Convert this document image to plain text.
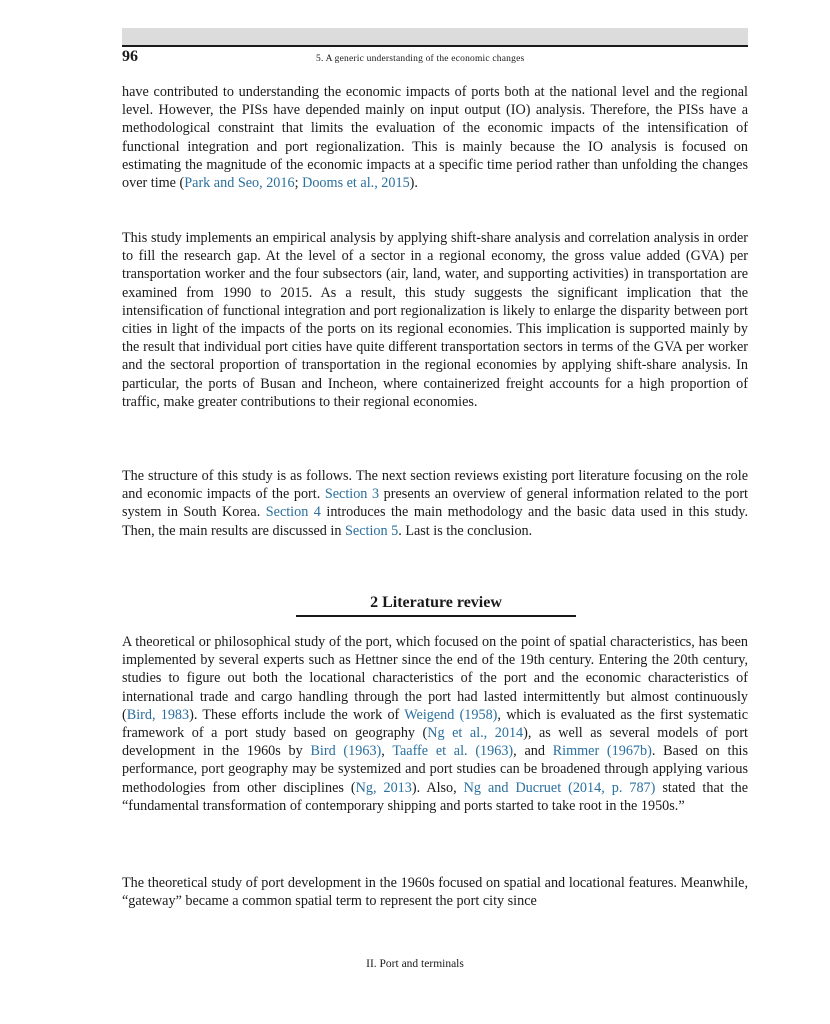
96	5. A generic understanding of the economic changes

have contributed to understanding the economic impacts of ports both at the national level and the regional level. However, the PISs have depended mainly on input output (IO) analysis. Therefore, the PISs have a methodological constraint that limits the evaluation of the economic impacts of the intensification of functional integration and port regionalization. This is mainly because the IO analysis is focused on estimating the magnitude of the economic impacts at a specific time period rather than unfolding the changes over time (Park and Seo, 2016; Dooms et al., 2015).

This study implements an empirical analysis by applying shift-share analysis and correlation analysis in order to fill the research gap. At the level of a sector in a regional economy, the gross value added (GVA) per transportation worker and the four subsectors (air, land, water, and supporting activities) in transportation are examined from 1990 to 2015. As a result, this study suggests the significant implication that the intensification of functional integration and port regionalization is likely to enlarge the disparity between port cities in light of the impacts of the ports on its regional economies. This implication is supported mainly by the result that individual port cities have quite different transportation sectors in terms of the GVA per worker and the sectoral proportion of transportation in the regional economies by applying shift-share analysis. In particular, the ports of Busan and Incheon, where containerized freight accounts for a high proportion of traffic, make greater contributions to their regional economies.

The structure of this study is as follows. The next section reviews existing port literature focusing on the role and economic impacts of the port. Section 3 presents an overview of general information related to the port system in South Korea. Section 4 introduces the main methodology and the basic data used in this study. Then, the main results are discussed in Section 5. Last is the conclusion.

2 Literature review

A theoretical or philosophical study of the port, which focused on the point of spatial characteristics, has been implemented by several experts such as Hettner since the end of the 19th century. Entering the 20th century, studies to figure out both the locational characteristics of the port and the economic characteristics of international trade and cargo handling through the port had lasted intermittently but almost continuously (Bird, 1983). These efforts include the work of Weigend (1958), which is evaluated as the first systematic framework of a port study based on geography (Ng et al., 2014), as well as several models of port development in the 1960s by Bird (1963), Taaffe et al. (1963), and Rimmer (1967b). Based on this performance, port geography may be systemized and port studies can be broadened through applying various methodologies from other disciplines (Ng, 2013). Also, Ng and Ducruet (2014, p. 787) stated that the “fundamental transformation of contemporary shipping and ports started to take root in the 1950s.”

The theoretical study of port development in the 1960s focused on spatial and locational features. Meanwhile, “gateway” became a common spatial term to represent the port city since

II. Port and terminals
